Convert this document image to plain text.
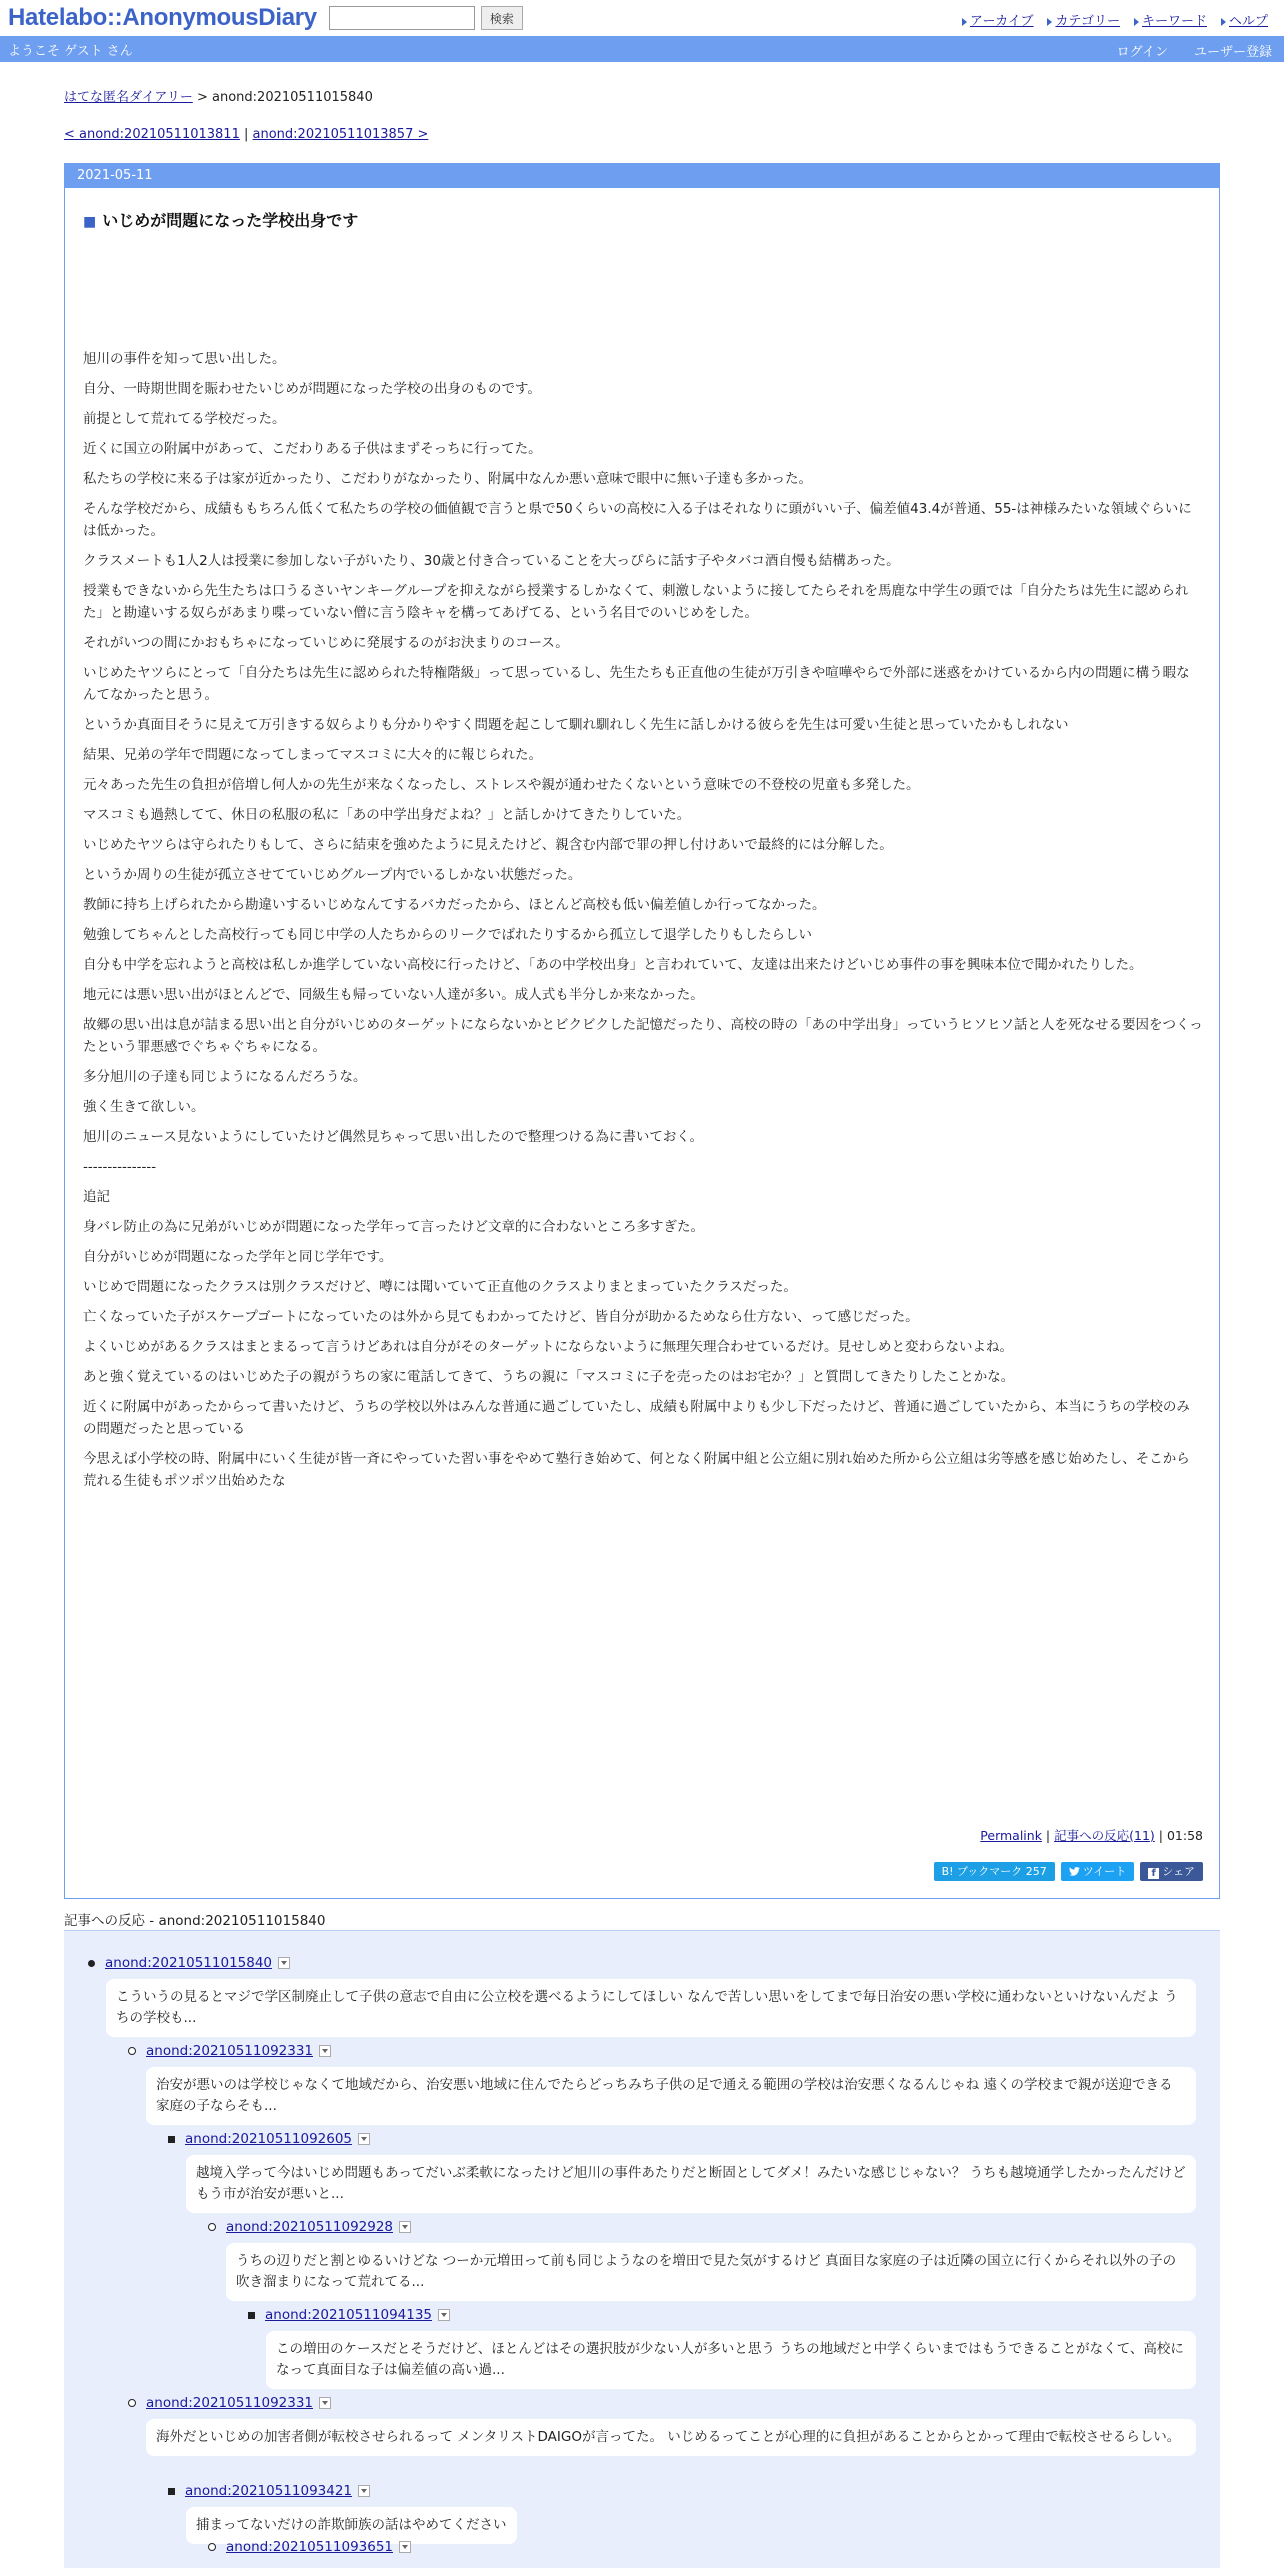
Hatelabo::AnonymousDiary	検索	アーカイブ	カテゴリー	キーワード	ヘルプ
ようこそ ゲスト さん	ログイン ユーザー登録
はてな匿名ダイアリー > anond:20210511015840
< anond:20210511013811 | anond:20210511013857 >
2021-05-11
■ いじめが問題になった学校出身です

旭川の事件を知って思い出した。

自分、一時期世間を賑わせたいじめが問題になった学校の出身のものです。

前提として荒れてる学校だった。

近くに国立の附属中があって、こだわりある子供はまずそっちに行ってた。

私たちの学校に来る子は家が近かったり、こだわりがなかったり、附属中なんか悪い意味で眼中に無い子達も多かった。

そんな学校だから、成績ももちろん低くて私たちの学校の価値観で言うと県で50くらいの高校に入る子はそれなりに頭がいい子、偏差値43.4が普通、55-は神様みたいな領域ぐらいには低かった。

クラスメートも1人2人は授業に参加しない子がいたり、30歳と付き合っていることを大っぴらに話す子やタバコ酒自慢も結構あった。

授業もできないから先生たちは口うるさいヤンキーグループを抑えながら授業するしかなくて、刺激しないように接してたらそれを馬鹿な中学生の頭では「自分たちは先生に認められた」と勘違いする奴らがあまり喋っていない僧に言う陰キャを構ってあげてる、という名目でのいじめをした。

それがいつの間にかおもちゃになっていじめに発展するのがお決まりのコース。

いじめたヤツらにとって「自分たちは先生に認められた特権階級」って思っているし、先生たちも正直他の生徒が万引きや喧嘩やらで外部に迷惑をかけているから内の問題に構う暇なんてなかったと思う。

というか真面目そうに見えて万引きする奴らよりも分かりやすく問題を起こして馴れ馴れしく先生に話しかける彼らを先生は可愛い生徒と思っていたかもしれない

結果、兄弟の学年で問題になってしまってマスコミに大々的に報じられた。

元々あった先生の負担が倍増し何人かの先生が来なくなったし、ストレスや親が通わせたくないという意味での不登校の児童も多発した。

マスコミも過熱してて、休日の私服の私に「あの中学出身だよね？」と話しかけてきたりしていた。

いじめたヤツらは守られたりもして、さらに結束を強めたように見えたけど、親含む内部で罪の押し付けあいで最終的には分解した。

というか周りの生徒が孤立させてていじめグループ内でいるしかない状態だった。

教師に持ち上げられたから勘違いするいじめなんてするバカだったから、ほとんど高校も低い偏差値しか行ってなかった。

勉強してちゃんとした高校行っても同じ中学の人たちからのリークでばれたりするから孤立して退学したりもしたらしい

自分も中学を忘れようと高校は私しか進学していない高校に行ったけど、「あの中学校出身」と言われていて、友達は出来たけどいじめ事件の事を興味本位で聞かれたりした。

地元には悪い思い出がほとんどで、同級生も帰っていない人達が多い。成人式も半分しか来なかった。

故郷の思い出は息が詰まる思い出と自分がいじめのターゲットにならないかとビクビクした記憶だったり、高校の時の「あの中学出身」っていうヒソヒソ話と人を死なせる要因をつくったという罪悪感でぐちゃぐちゃになる。

多分旭川の子達も同じようになるんだろうな。

強く生きて欲しい。

旭川のニュース見ないようにしていたけど偶然見ちゃって思い出したので整理つける為に書いておく。

---------------

追記

身バレ防止の為に兄弟がいじめが問題になった学年って言ったけど文章的に合わないところ多すぎた。

自分がいじめが問題になった学年と同じ学年です。

いじめで問題になったクラスは別クラスだけど、噂には聞いていて正直他のクラスよりまとまっていたクラスだった。

亡くなっていた子がスケープゴートになっていたのは外から見てもわかってたけど、皆自分が助かるためなら仕方ない、って感じだった。

よくいじめがあるクラスはまとまるって言うけどあれは自分がそのターゲットにならないように無理矢理合わせているだけ。見せしめと変わらないよね。

あと強く覚えているのはいじめた子の親がうちの家に電話してきて、うちの親に「マスコミに子を売ったのはお宅か？」と質問してきたりしたことかな。

近くに附属中があったからって書いたけど、うちの学校以外はみんな普通に過ごしていたし、成績も附属中よりも少し下だったけど、普通に過ごしていたから、本当にうちの学校のみの問題だったと思っている

今思えば小学校の時、附属中にいく生徒が皆一斉にやっていた習い事をやめて塾行き始めて、何となく附属中組と公立組に別れ始めた所から公立組は劣等感を感じ始めたし、そこから荒れる生徒もポツポツ出始めたな

Permalink | 記事への反応(11) | 01:58
B! ブックマーク 257	ツイート	f シェア
記事への反応 - anond:20210511015840
anond:20210511015840
こういうの見るとマジで学区制廃止して子供の意志で自由に公立校を選べるようにしてほしい なんで苦しい思いをしてまで毎日治安の悪い学校に通わないといけないんだよ うちの学校も...
anond:20210511092331
治安が悪いのは学校じゃなくて地域だから、治安悪い地域に住んでたらどっちみち子供の足で通える範囲の学校は治安悪くなるんじゃね 遠くの学校まで親が送迎できる家庭の子ならそも...
anond:20210511092605
越境入学って今はいじめ問題もあってだいぶ柔軟になったけど旭川の事件あたりだと断固としてダメ！みたいな感じじゃない？ うちも越境通学したかったんだけどもう市が治安が悪いと...
anond:20210511092928
うちの辺りだと割とゆるいけどな つーか元増田って前も同じようなのを増田で見た気がするけど 真面目な家庭の子は近隣の国立に行くからそれ以外の子の吹き溜まりになって荒れてる...
anond:20210511094135
この増田のケースだとそうだけど、ほとんどはその選択肢が少ない人が多いと思う うちの地域だと中学くらいまではもうできることがなくて、高校になって真面目な子は偏差値の高い過...
anond:20210511092331
海外だといじめの加害者側が転校させられるって メンタリストDAIGOが言ってた。 いじめるってことが心理的に負担があることからとかって理由で転校させるらしい。
anond:20210511093421
捕まってないだけの詐欺師族の話はやめてください
anond:20210511093651
